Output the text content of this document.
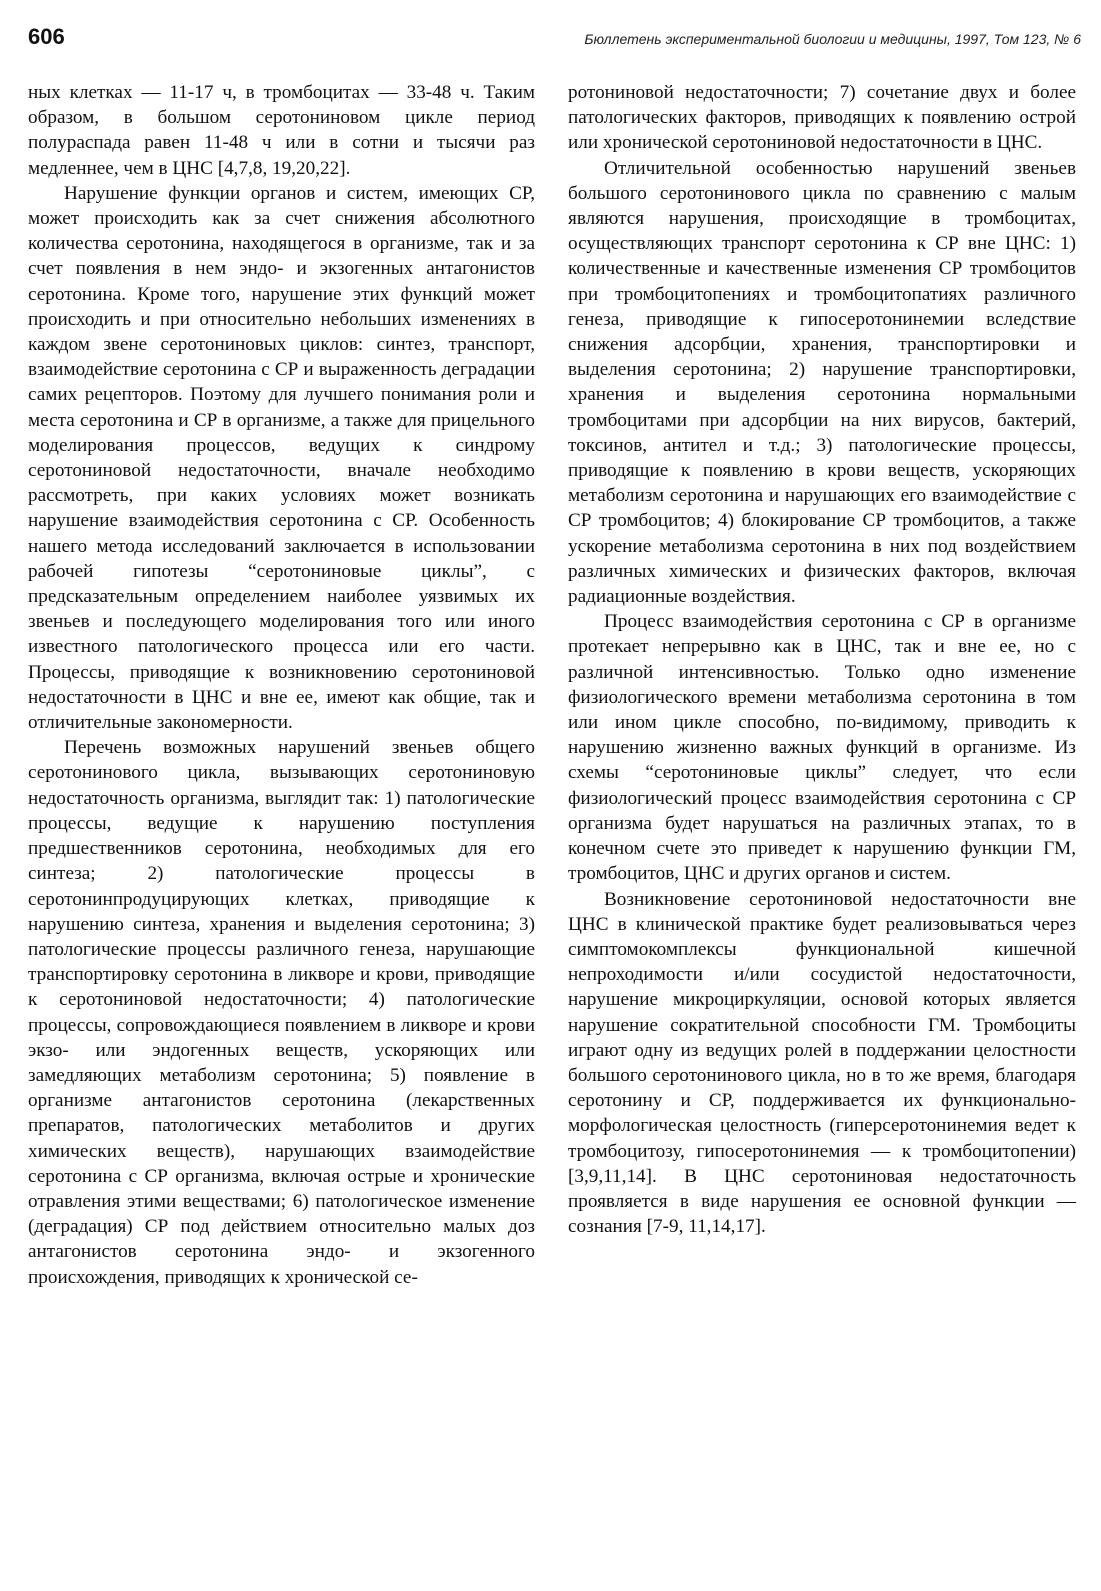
606	Бюллетень экспериментальной биологии и медицины, 1997, Том 123, № 6

ных клетках — 11-17 ч, в тромбоцитах — 33-48 ч. Таким образом, в большом серотониновом цикле период полураспада равен 11-48 ч или в сотни и тысячи раз медленнее, чем в ЦНС [4,7,8, 19,20,22].

Нарушение функции органов и систем, имеющих СР, может происходить как за счет снижения абсолютного количества серотонина, находящегося в организме, так и за счет появления в нем эндо- и экзогенных антагонистов серотонина. Кроме того, нарушение этих функций может происходить и при относительно небольших изменениях в каждом звене серотониновых циклов: синтез, транспорт, взаимодействие серотонина с СР и выраженность деградации самих рецепторов. Поэтому для лучшего понимания роли и места серотонина и СР в организме, а также для прицельного моделирования процессов, ведущих к синдрому серотониновой недостаточности, вначале необходимо рассмотреть, при каких условиях может возникать нарушение взаимодействия серотонина с СР. Особенность нашего метода исследований заключается в использовании рабочей гипотезы “серотониновые циклы”, с предсказательным определением наиболее уязвимых их звеньев и последующего моделирования того или иного известного патологического процесса или его части. Процессы, приводящие к возникновению серотониновой недостаточности в ЦНС и вне ее, имеют как общие, так и отличительные закономерности.

Перечень возможных нарушений звеньев общего серотонинового цикла, вызывающих серотониновую недостаточность организма, выглядит так: 1) патологические процессы, ведущие к нарушению поступления предшественников серотонина, необходимых для его синтеза; 2) патологические процессы в серотонинпродуцирующих клетках, приводящие к нарушению синтеза, хранения и выделения серотонина; 3) патологические процессы различного генеза, нарушающие транспортировку серотонина в ликворе и крови, приводящие к серотониновой недостаточности; 4) патологические процессы, сопровождающиеся появлением в ликворе и крови экзо- или эндогенных веществ, ускоряющих или замедляющих метаболизм серотонина; 5) появление в организме антагонистов серотонина (лекарственных препаратов, патологических метаболитов и других химических веществ), нарушающих взаимодействие серотонина с СР организма, включая острые и хронические отравления этими веществами; 6) патологическое изменение (деградация) СР под действием относительно малых доз антагонистов серотонина эндо- и экзогенного происхождения, приводящих к хронической се-

ротониновой недостаточности; 7) сочетание двух и более патологических факторов, приводящих к появлению острой или хронической серотониновой недостаточности в ЦНС.

Отличительной особенностью нарушений звеньев большого серотонинового цикла по сравнению с малым являются нарушения, происходящие в тромбоцитах, осуществляющих транспорт серотонина к СР вне ЦНС: 1) количественные и качественные изменения СР тромбоцитов при тромбоцитопениях и тромбоцитопатиях различного генеза, приводящие к гипосеротонинемии вследствие снижения адсорбции, хранения, транспортировки и выделения серотонина; 2) нарушение транспортировки, хранения и выделения серотонина нормальными тромбоцитами при адсорбции на них вирусов, бактерий, токсинов, антител и т.д.; 3) патологические процессы, приводящие к появлению в крови веществ, ускоряющих метаболизм серотонина и нарушающих его взаимодействие с СР тромбоцитов; 4) блокирование СР тромбоцитов, а также ускорение метаболизма серотонина в них под воздействием различных химических и физических факторов, включая радиационные воздействия.

Процесс взаимодействия серотонина с СР в организме протекает непрерывно как в ЦНС, так и вне ее, но с различной интенсивностью. Только одно изменение физиологического времени метаболизма серотонина в том или ином цикле способно, по-видимому, приводить к нарушению жизненно важных функций в организме. Из схемы “серотониновые циклы” следует, что если физиологический процесс взаимодействия серотонина с СР организма будет нарушаться на различных этапах, то в конечном счете это приведет к нарушению функции ГМ, тромбоцитов, ЦНС и других органов и систем.

Возникновение серотониновой недостаточности вне ЦНС в клинической практике будет реализовываться через симптомокомплексы функциональной кишечной непроходимости и/или сосудистой недостаточности, нарушение микроциркуляции, основой которых является нарушение сократительной способности ГМ. Тромбоциты играют одну из ведущих ролей в поддержании целостности большого серотонинового цикла, но в то же время, благодаря серотонину и СР, поддерживается их функционально-морфологическая целостность (гиперсеротонинемия ведет к тромбоцитозу, гипосеротонинемия — к тромбоцитопении) [3,9,11,14]. В ЦНС серотониновая недостаточность проявляется в виде нарушения ее основной функции — сознания [7-9, 11,14,17].
